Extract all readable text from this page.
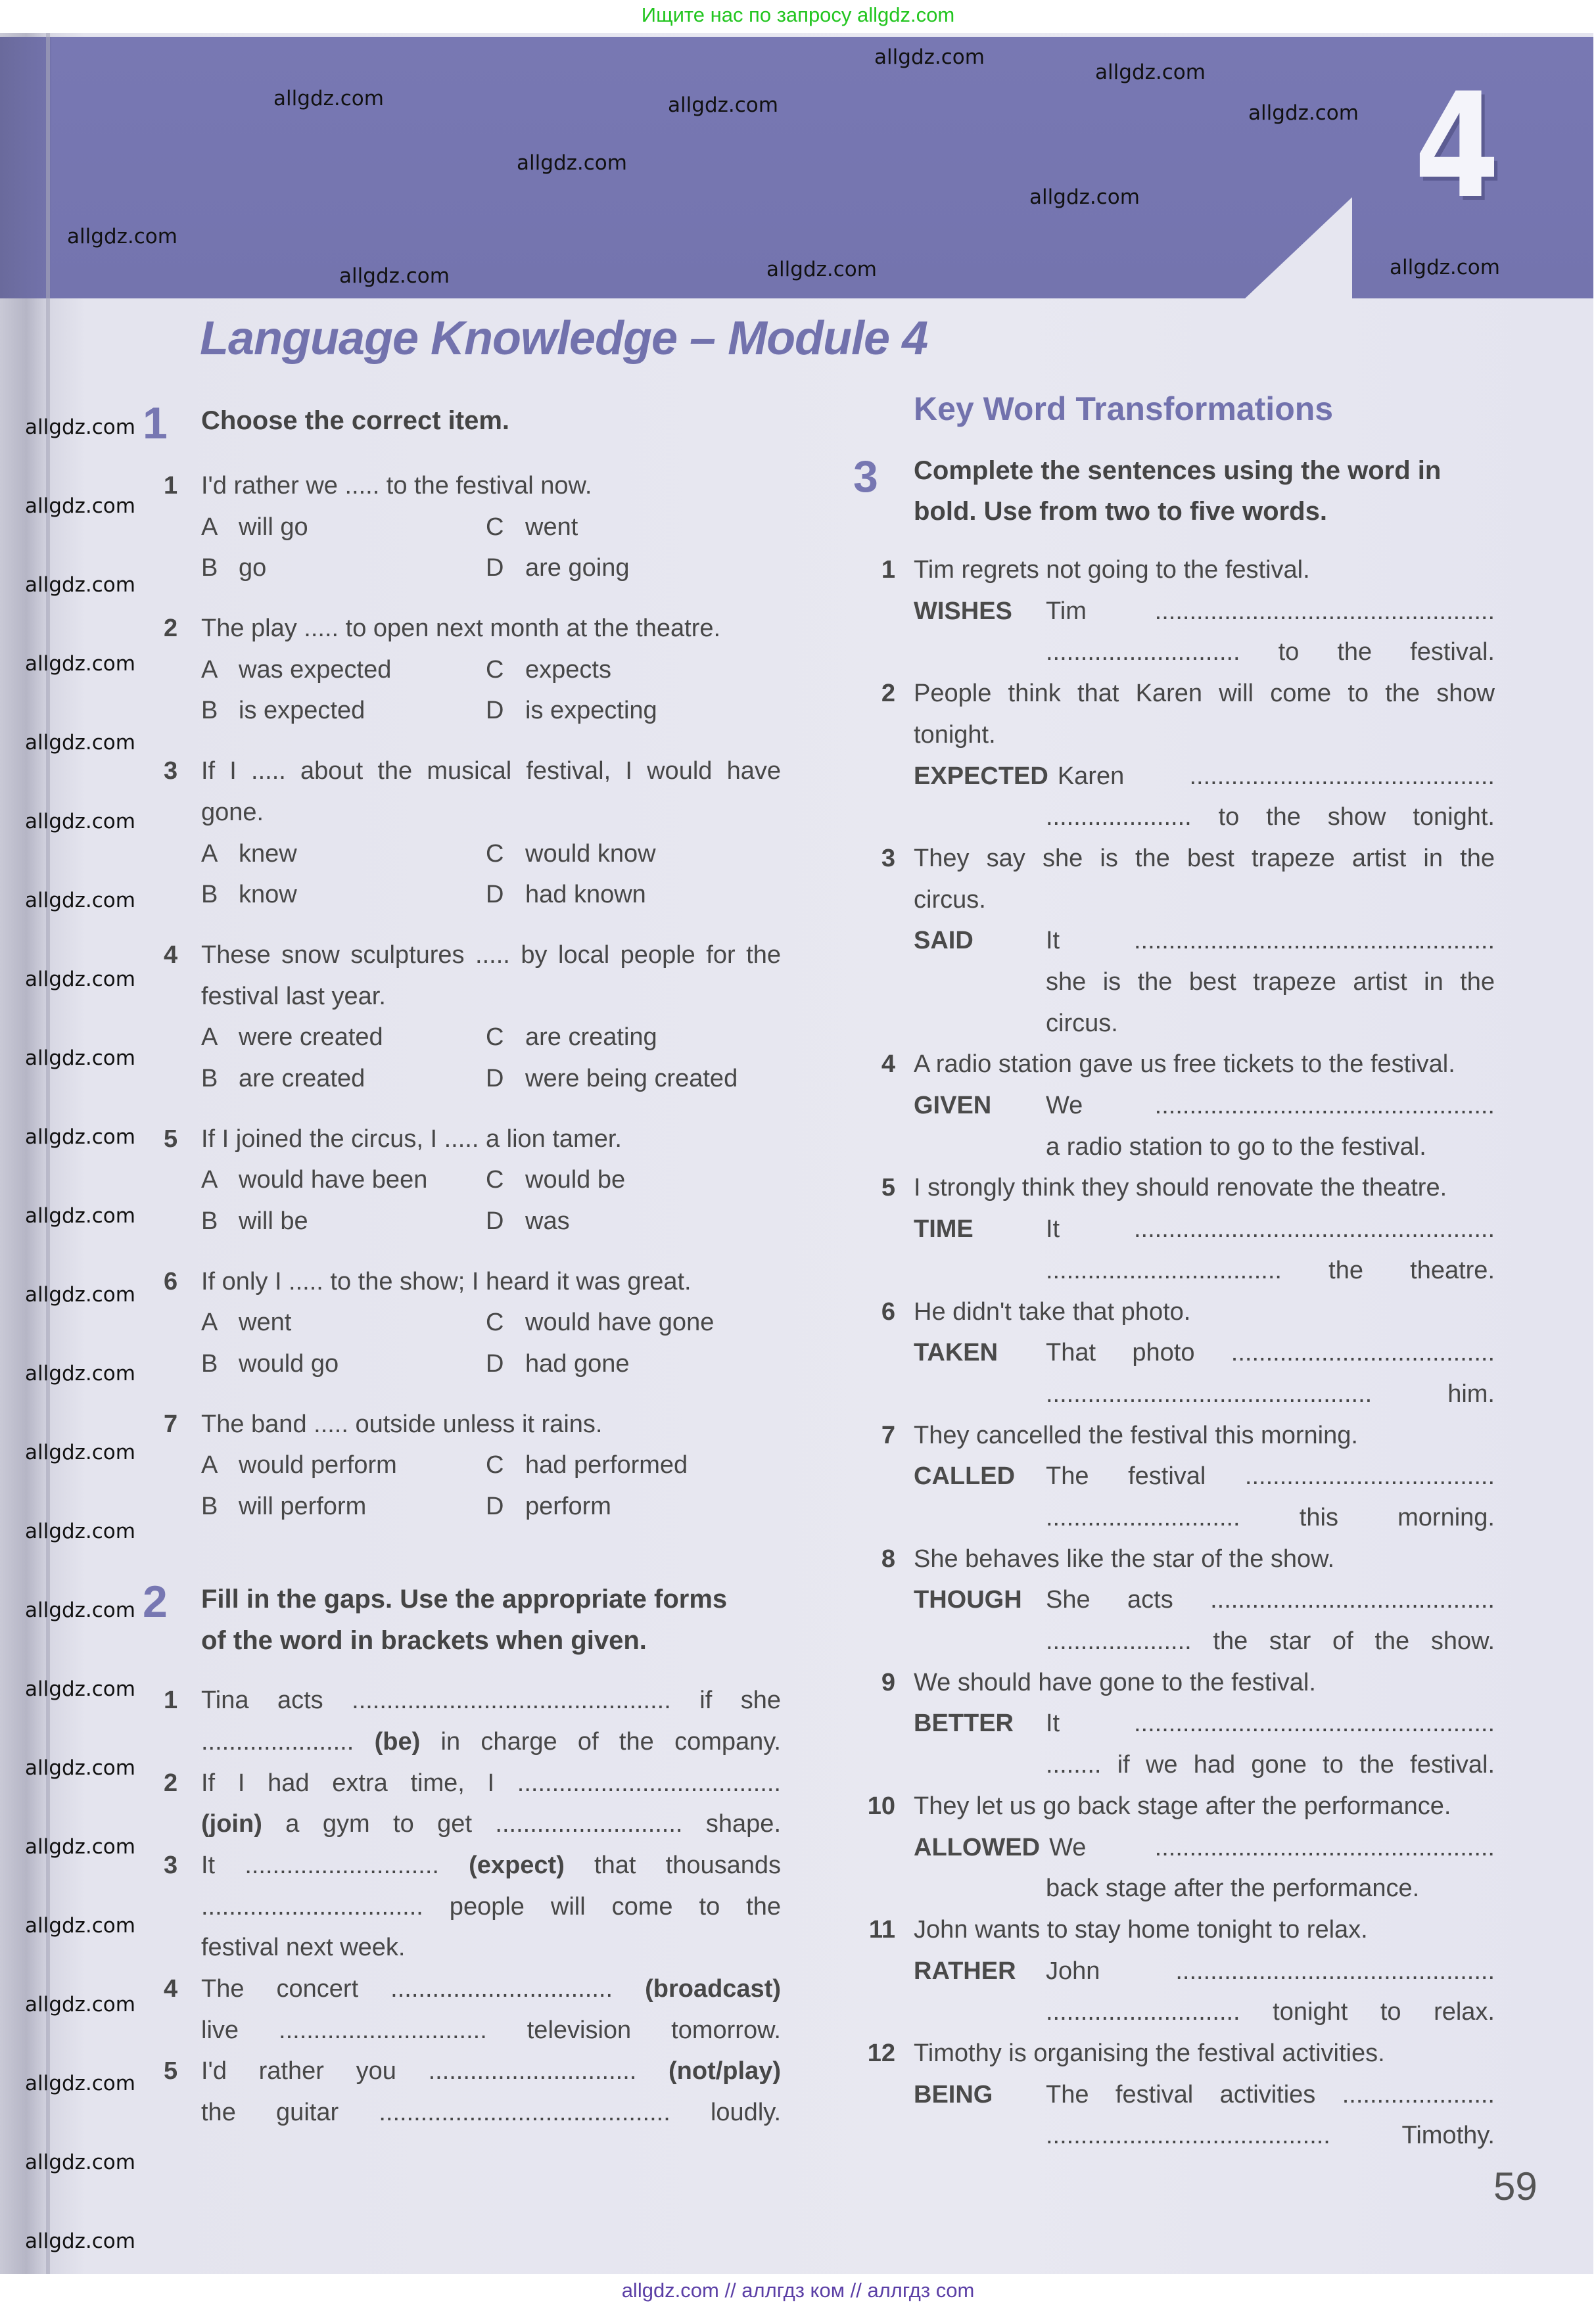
Ищите нас по запросу allgdz.com
4
Language Knowledge – Module 4
1	Choose the correct item.
1 I'd rather we ..... to the festival now.
A will go	C went
B go	D are going
2 The play ..... to open next month at the theatre.
A was expected	C expects
B is expected	D is expecting
3 If I ..... about the musical festival, I would have
gone.
A knew	C would know
B know	D had known
4 These snow sculptures ..... by local people for the
festival last year.
A were created	C are creating
B are created	D were being created
5 If I joined the circus, I ..... a lion tamer.
A would have been	C would be
B will be	D was
6 If only I ..... to the show; I heard it was great.
A went	C would have gone
B would go	D had gone
7 The band ..... outside unless it rains.
A would perform	C had performed
B will perform	D perform
2	Fill in the gaps. Use the appropriate forms
of the word in brackets when given.
1 Tina acts .............................................. if she
...................... (be) in charge of the company.
2 If I had extra time, I ......................................
(join) a gym to get ........................... shape.
3 It ............................ (expect) that thousands
................................ people will come to the
festival next week.
4 The concert ................................ (broadcast)
live .............................. television tomorrow.
5 I'd rather you .............................. (not/play)
the guitar .......................................... loudly.
Key Word Transformations
3	Complete the sentences using the word in
bold. Use from two to five words.
1 Tim regrets not going to the festival.
WISHES	Tim .................................................
............................ to the festival.
2 People think that Karen will come to the show
tonight.
EXPECTED Karen ............................................
..................... to the show tonight.
3 They say she is the best trapeze artist in the
circus.
SAID	It ....................................................
she is the best trapeze artist in the
circus.
4 A radio station gave us free tickets to the festival.
GIVEN	We .................................................
a radio station to go to the festival.
5 I strongly think they should renovate the theatre.
TIME	It ....................................................
.................................. the theatre.
6 He didn't take that photo.
TAKEN	That photo ......................................
............................................... him.
7 They cancelled the festival this morning.
CALLED	The festival ....................................
............................ this morning.
8 She behaves like the star of the show.
THOUGH She acts .........................................
..................... the star of the show.
9 We should have gone to the festival.
BETTER	It ....................................................
........ if we had gone to the festival.
10 They let us go back stage after the performance.
ALLOWED We .................................................
back stage after the performance.
11 John wants to stay home tonight to relax.
RATHER	John ..............................................
............................ tonight to relax.
12 Timothy is organising the festival activities.
BEING	The festival activities ......................
......................................... Timothy.
59
allgdz.com
allgdz.com
allgdz.com
allgdz.com
allgdz.com
allgdz.com	allgdz.com
allgdz.com
allgdz.com	allgdz.com
allgdz.com
allgdz.com
allgdz.com
allgdz.com
allgdz.com
allgdz.com
allgdz.com
allgdz.com
allgdz.com
allgdz.com
allgdz.com
allgdz.com
allgdz.com
allgdz.com
allgdz.com
allgdz.com
allgdz.com
allgdz.com
allgdz.com
allgdz.com
allgdz.com
allgdz.com
allgdz.com
allgdz.com
allgdz.com
allgdz.com // аллгдз ком // аллгдз com
